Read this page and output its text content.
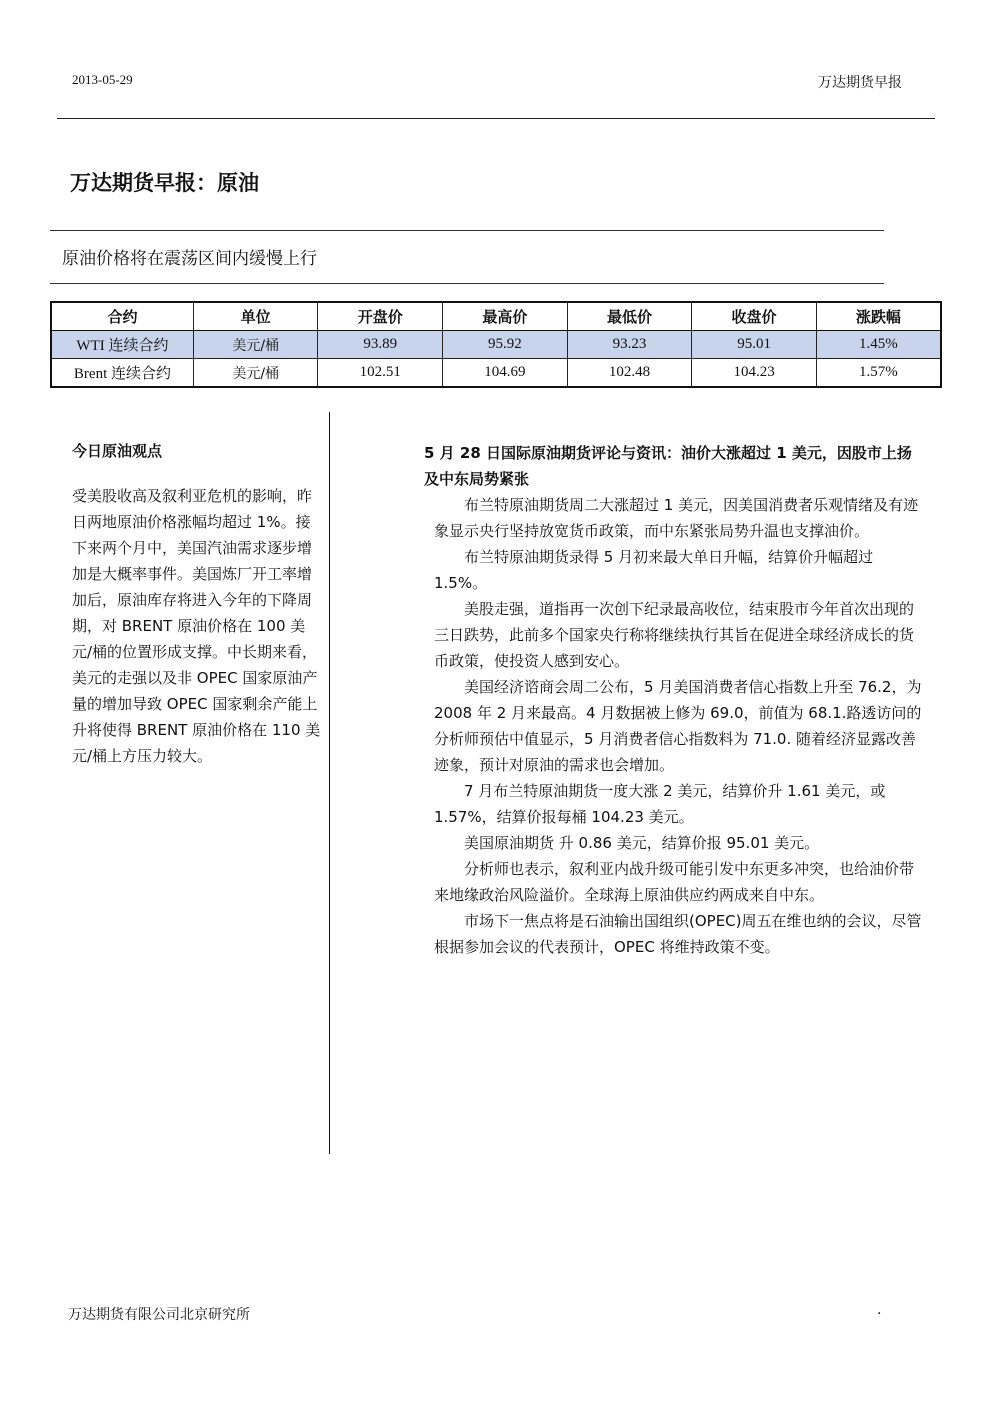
2013-05-29	万达期货早报
万达期货早报：原油
原油价格将在震荡区间内缓慢上行
合约	单位	开盘价	最高价	最低价	收盘价	涨跌幅
WTI 连续合约	美元/桶	93.89	95.92	93.23	95.01	1.45%
Brent 连续合约	美元/桶	102.51	104.69	102.48	104.23	1.57%

今日原油观点

受美股收高及叙利亚危机的影响，昨日两地原油价格涨幅均超过 1%。接下来两个月中，美国汽油需求逐步增加是大概率事件。美国炼厂开工率增加后，原油库存将进入今年的下降周期，对 BRENT 原油价格在 100 美元/桶的位置形成支撑。中长期来看，美元的走强以及非 OPEC 国家原油产量的增加导致 OPEC 国家剩余产能上升将使得 BRENT 原油价格在 110 美元/桶上方压力较大。

5 月 28 日国际原油期货评论与资讯：油价大涨超过 1 美元，因股市上扬及中东局势紧张

布兰特原油期货周二大涨超过 1 美元，因美国消费者乐观情绪及有迹象显示央行坚持放宽货币政策，而中东紧张局势升温也支撑油价。

布兰特原油期货录得 5 月初来最大单日升幅，结算价升幅超过 1.5%。

美股走强，道指再一次创下纪录最高收位，结束股市今年首次出现的三日跌势，此前多个国家央行称将继续执行其旨在促进全球经济成长的货币政策，使投资人感到安心。

美国经济谘商会周二公布，5 月美国消费者信心指数上升至 76.2，为 2008 年 2 月来最高。4 月数据被上修为 69.0，前值为 68.1.路透访问的分析师预估中值显示，5 月消费者信心指数料为 71.0. 随着经济显露改善迹象，预计对原油的需求也会增加。

7 月布兰特原油期货一度大涨 2 美元，结算价升 1.61 美元，或 1.57%，结算价报每桶 104.23 美元。

美国原油期货 升 0.86 美元，结算价报 95.01 美元。

分析师也表示，叙利亚内战升级可能引发中东更多冲突，也给油价带来地缘政治风险溢价。全球海上原油供应约两成来自中东。

市场下一焦点将是石油输出国组织(OPEC)周五在维也纳的会议，尽管根据参加会议的代表预计，OPEC 将维持政策不变。

万达期货有限公司北京研究所	.
